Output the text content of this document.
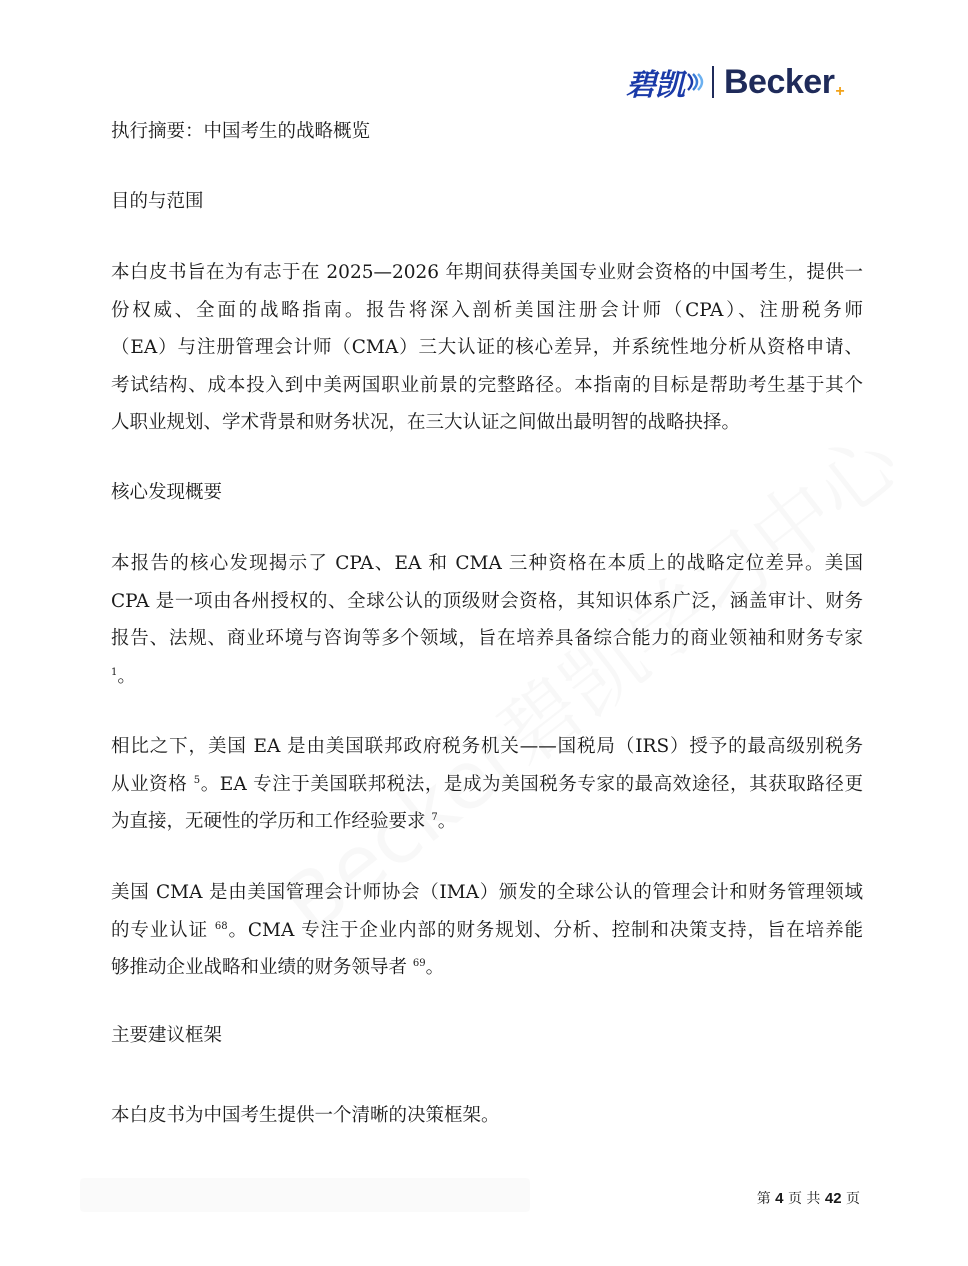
碧凯 Becker +
执行摘要：中国考生的战略概览
目的与范围
本白皮书旨在为有志于在 2025—2026 年期间获得美国专业财会资格的中国考生，提供一
份权威、全面的战略指南。报告将深入剖析美国注册会计师（CPA）、注册税务师
（EA）与注册管理会计师（CMA）三大认证的核心差异，并系统性地分析从资格申请、
考试结构、成本投入到中美两国职业前景的完整路径。本指南的目标是帮助考生基于其个
人职业规划、学术背景和财务状况，在三大认证之间做出最明智的战略抉择。
核心发现概要
本报告的核心发现揭示了 CPA、EA 和 CMA 三种资格在本质上的战略定位差异。美国
CPA 是一项由各州授权的、全球公认的顶级财会资格，其知识体系广泛，涵盖审计、财务
报告、法规、商业环境与咨询等多个领域，旨在培养具备综合能力的商业领袖和财务专家
$^1$。
相比之下，美国 EA 是由美国联邦政府税务机关——国税局（IRS）授予的最高级别税务
从业资格 $^5$。EA 专注于美国联邦税法，是成为美国税务专家的最高效途径，其获取路径更
为直接，无硬性的学历和工作经验要求 $^7$。
美国 CMA 是由美国管理会计师协会（IMA）颁发的全球公认的管理会计和财务管理领域
的专业认证 $^{68}$。CMA 专注于企业内部的财务规划、分析、控制和决策支持，旨在培养能
够推动企业战略和业绩的财务领导者 $^{69}$。
主要建议框架
本白皮书为中国考生提供一个清晰的决策框架。
第 4 页 共 42 页
